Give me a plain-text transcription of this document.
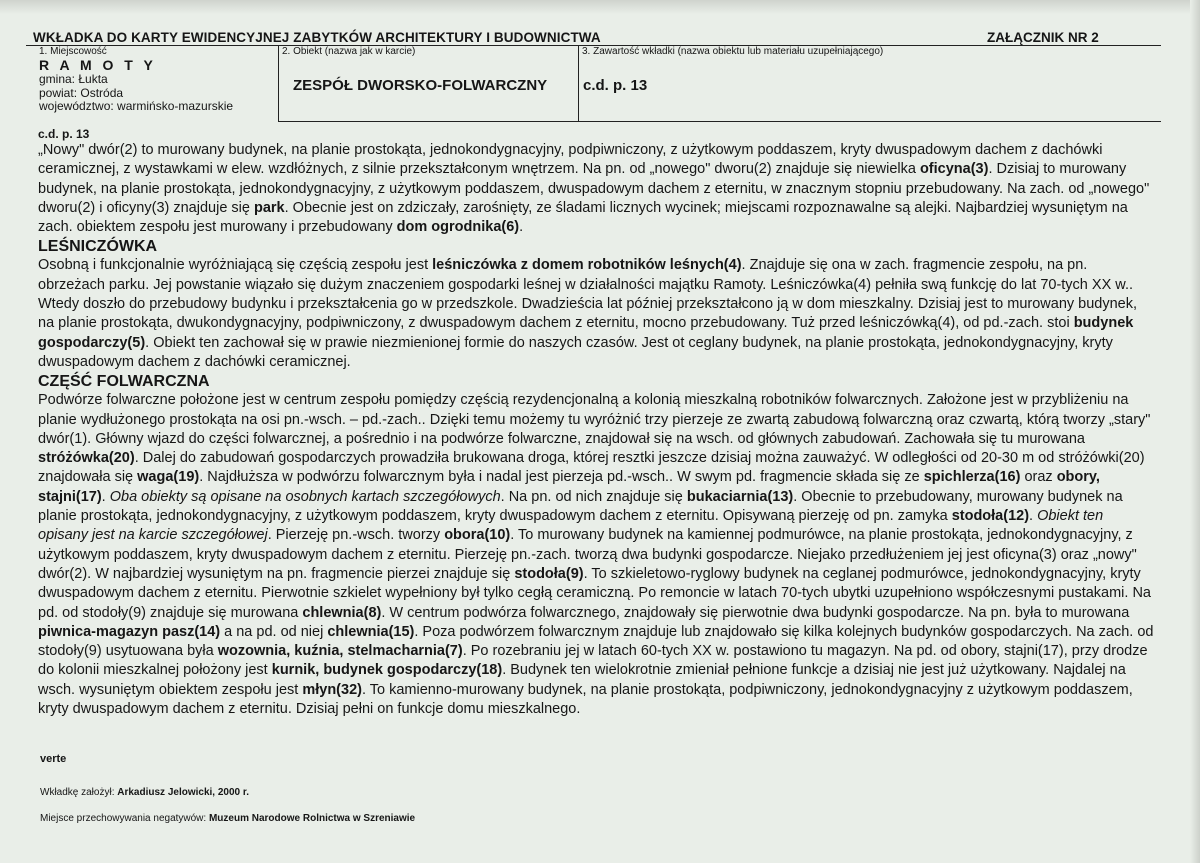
WKŁADKA DO KARTY EWIDENCYJNEJ ZABYTKÓW ARCHITEKTURY I BUDOWNICTWA	ZAŁĄCZNIK NR 2
1. Miejscowość
R A M O T Y
gmina: Łukta
powiat: Ostróda
województwo: warmińsko-mazurskie
2. Obiekt (nazwa jak w karcie)
ZESPÓŁ DWORSKO-FOLWARCZNY
3. Zawartość wkładki (nazwa obiektu lub materiału uzupełniającego)
c.d. p. 13
c.d. p. 13

„Nowy" dwór(2) to murowany budynek, na planie prostokąta, jednokondygnacyjny, podpiwniczony, z użytkowym poddaszem, kryty dwuspadowym dachem z dachówki ceramicznej, z wystawkami w elew. wzdłóżnych, z silnie przekształconym wnętrzem. Na pn. od „nowego" dworu(2) znajduje się niewielka oficyna(3). Dzisiaj to murowany budynek, na planie prostokąta, jednokondygnacyjny, z użytkowym poddaszem, dwuspadowym dachem z eternitu, w znacznym stopniu przebudowany. Na zach. od „nowego" dworu(2) i oficyny(3) znajduje się park. Obecnie jest on zdziczały, zarośnięty, ze śladami licznych wycinek; miejscami rozpoznawalne są alejki. Najbardziej wysuniętym na zach. obiektem zespołu jest murowany i przebudowany dom ogrodnika(6).

LEŚNICZÓWKA

Osobną i funkcjonalnie wyróżniającą się częścią zespołu jest leśniczówka z domem robotników leśnych(4). Znajduje się ona w zach. fragmencie zespołu, na pn. obrzeżach parku. Jej powstanie wiązało się dużym znaczeniem gospodarki leśnej w działalności majątku Ramoty. Leśniczówka(4) pełniła swą funkcję do lat 70-tych XX w.. Wtedy doszło do przebudowy budynku i przekształcenia go w przedszkole. Dwadzieścia lat później przekształcono ją w dom mieszkalny. Dzisiaj jest to murowany budynek, na planie prostokąta, dwukondygnacyjny, podpiwniczony, z dwuspadowym dachem z eternitu, mocno przebudowany. Tuż przed leśniczówką(4), od pd.-zach. stoi budynek gospodarczy(5). Obiekt ten zachował się w prawie niezmienionej formie do naszych czasów. Jest ot ceglany budynek, na planie prostokąta, jednokondygnacyjny, kryty dwuspadowym dachem z dachówki ceramicznej.

CZĘŚĆ FOLWARCZNA

Podwórze folwarczne położone jest w centrum zespołu pomiędzy częścią rezydencjonalną a kolonią mieszkalną robotników folwarcznych. Założone jest w przybliżeniu na planie wydłużonego prostokąta na osi pn.-wsch. – pd.-zach.. Dzięki temu możemy tu wyróżnić trzy pierzeje ze zwartą zabudową folwarczną oraz czwartą, którą tworzy „stary" dwór(1). Główny wjazd do części folwarcznej, a pośrednio i na podwórze folwarczne, znajdował się na wsch. od głównych zabudowań. Zachowała się tu murowana stróżówka(20). Dalej do zabudowań gospodarczych prowadziła brukowana droga, której resztki jeszcze dzisiaj można zauważyć. W odległości od 20-30 m od stróżówki(20) znajdowała się waga(19). Najdłuższa w podwórzu folwarcznym była i nadal jest pierzeja pd.-wsch.. W swym pd. fragmencie składa się ze spichlerza(16) oraz obory, stajni(17). Oba obiekty są opisane na osobnych kartach szczegółowych. Na pn. od nich znajduje się bukaciarnia(13). Obecnie to przebudowany, murowany budynek na planie prostokąta, jednokondygnacyjny, z użytkowym poddaszem, kryty dwuspadowym dachem z eternitu. Opisywaną pierzeję od pn. zamyka stodoła(12). Obiekt ten opisany jest na karcie szczegółowej. Pierzeję pn.-wsch. tworzy obora(10). To murowany budynek na kamiennej podmurówce, na planie prostokąta, jednokondygnacyjny, z użytkowym poddaszem, kryty dwuspadowym dachem z eternitu. Pierzeję pn.-zach. tworzą dwa budynki gospodarcze. Niejako przedłużeniem jej jest oficyna(3) oraz „nowy" dwór(2). W najbardziej wysuniętym na pn. fragmencie pierzei znajduje się stodoła(9). To szkieletowo-ryglowy budynek na ceglanej podmurówce, jednokondygnacyjny, kryty dwuspadowym dachem z eternitu. Pierwotnie szkielet wypełniony był tylko cegłą ceramiczną. Po remoncie w latach 70-tych ubytki uzupełniono współczesnymi pustakami. Na pd. od stodoły(9) znajduje się murowana chlewnia(8). W centrum podwórza folwarcznego, znajdowały się pierwotnie dwa budynki gospodarcze. Na pn. była to murowana piwnica-magazyn pasz(14) a na pd. od niej chlewnia(15). Poza podwórzem folwarcznym znajduje lub znajdowało się kilka kolejnych budynków gospodarczych. Na zach. od stodoły(9) usytuowana była wozownia, kuźnia, stelmacharnia(7). Po rozebraniu jej w latach 60-tych XX w. postawiono tu magazyn. Na pd. od obory, stajni(17), przy drodze do kolonii mieszkalnej położony jest kurnik, budynek gospodarczy(18). Budynek ten wielokrotnie zmieniał pełnione funkcje a dzisiaj nie jest już użytkowany. Najdalej na wsch. wysuniętym obiektem zespołu jest młyn(32). To kamienno-murowany budynek, na planie prostokąta, podpiwniczony, jednokondygnacyjny z użytkowym poddaszem, kryty dwuspadowym dachem z eternitu. Dzisiaj pełni on funkcje domu mieszkalnego.

verte
Wkładkę założył: Arkadiusz Jelowicki, 2000 r.
Miejsce przechowywania negatywów: Muzeum Narodowe Rolnictwa w Szreniawie
